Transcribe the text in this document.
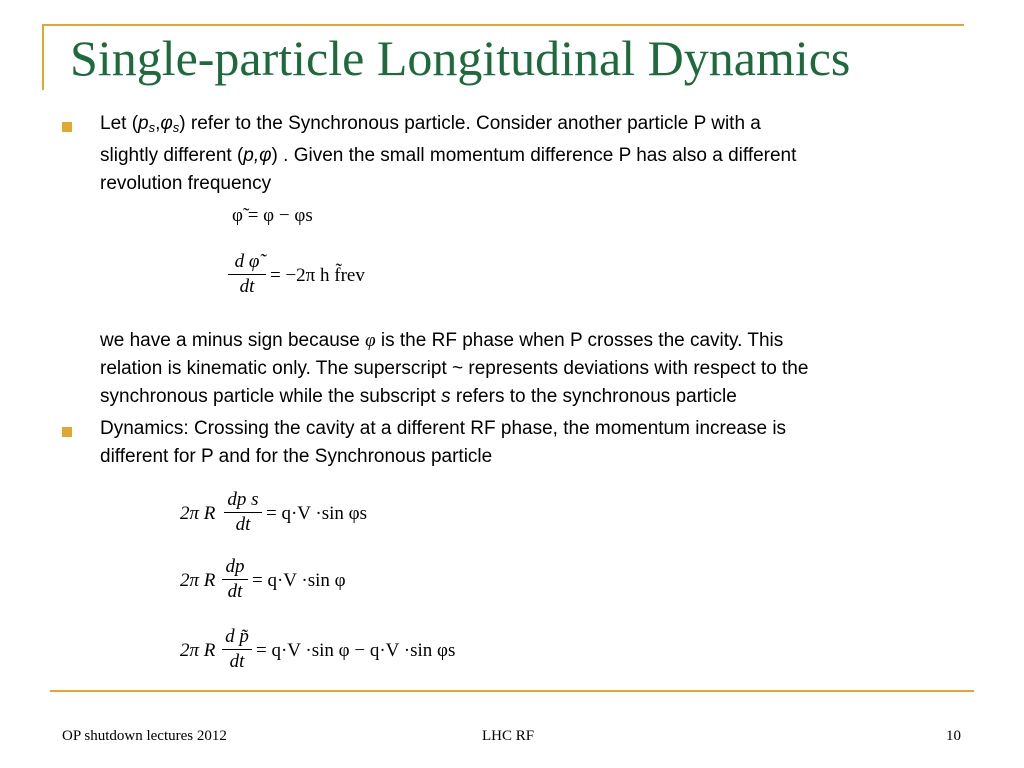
Single-particle Longitudinal Dynamics
Let $(p_s,\varphi_s)$ refer to the Synchronous particle. Consider another particle P with a
slightly different (p,φ) . Given the small momentum difference P has also a different
revolution frequency
φ̃ = φ − φs
d φ̃
dt
= −2π h f̃rev
we have a minus sign because φ is the RF phase when P crosses the cavity. This
relation is kinematic only. The superscript ~ represents deviations with respect to the
synchronous particle while the subscript s refers to the synchronous particle
Dynamics: Crossing the cavity at a different RF phase, the momentum increase is
different for P and for the Synchronous particle
2π R
dp s
dt
= q·V ·sin φs
2π R
dp
dt
= q·V ·sin φ
2π R
d p̃
dt
= q·V ·sin φ − q·V ·sin φs
OP shutdown lectures 2012	LHC RF	10
